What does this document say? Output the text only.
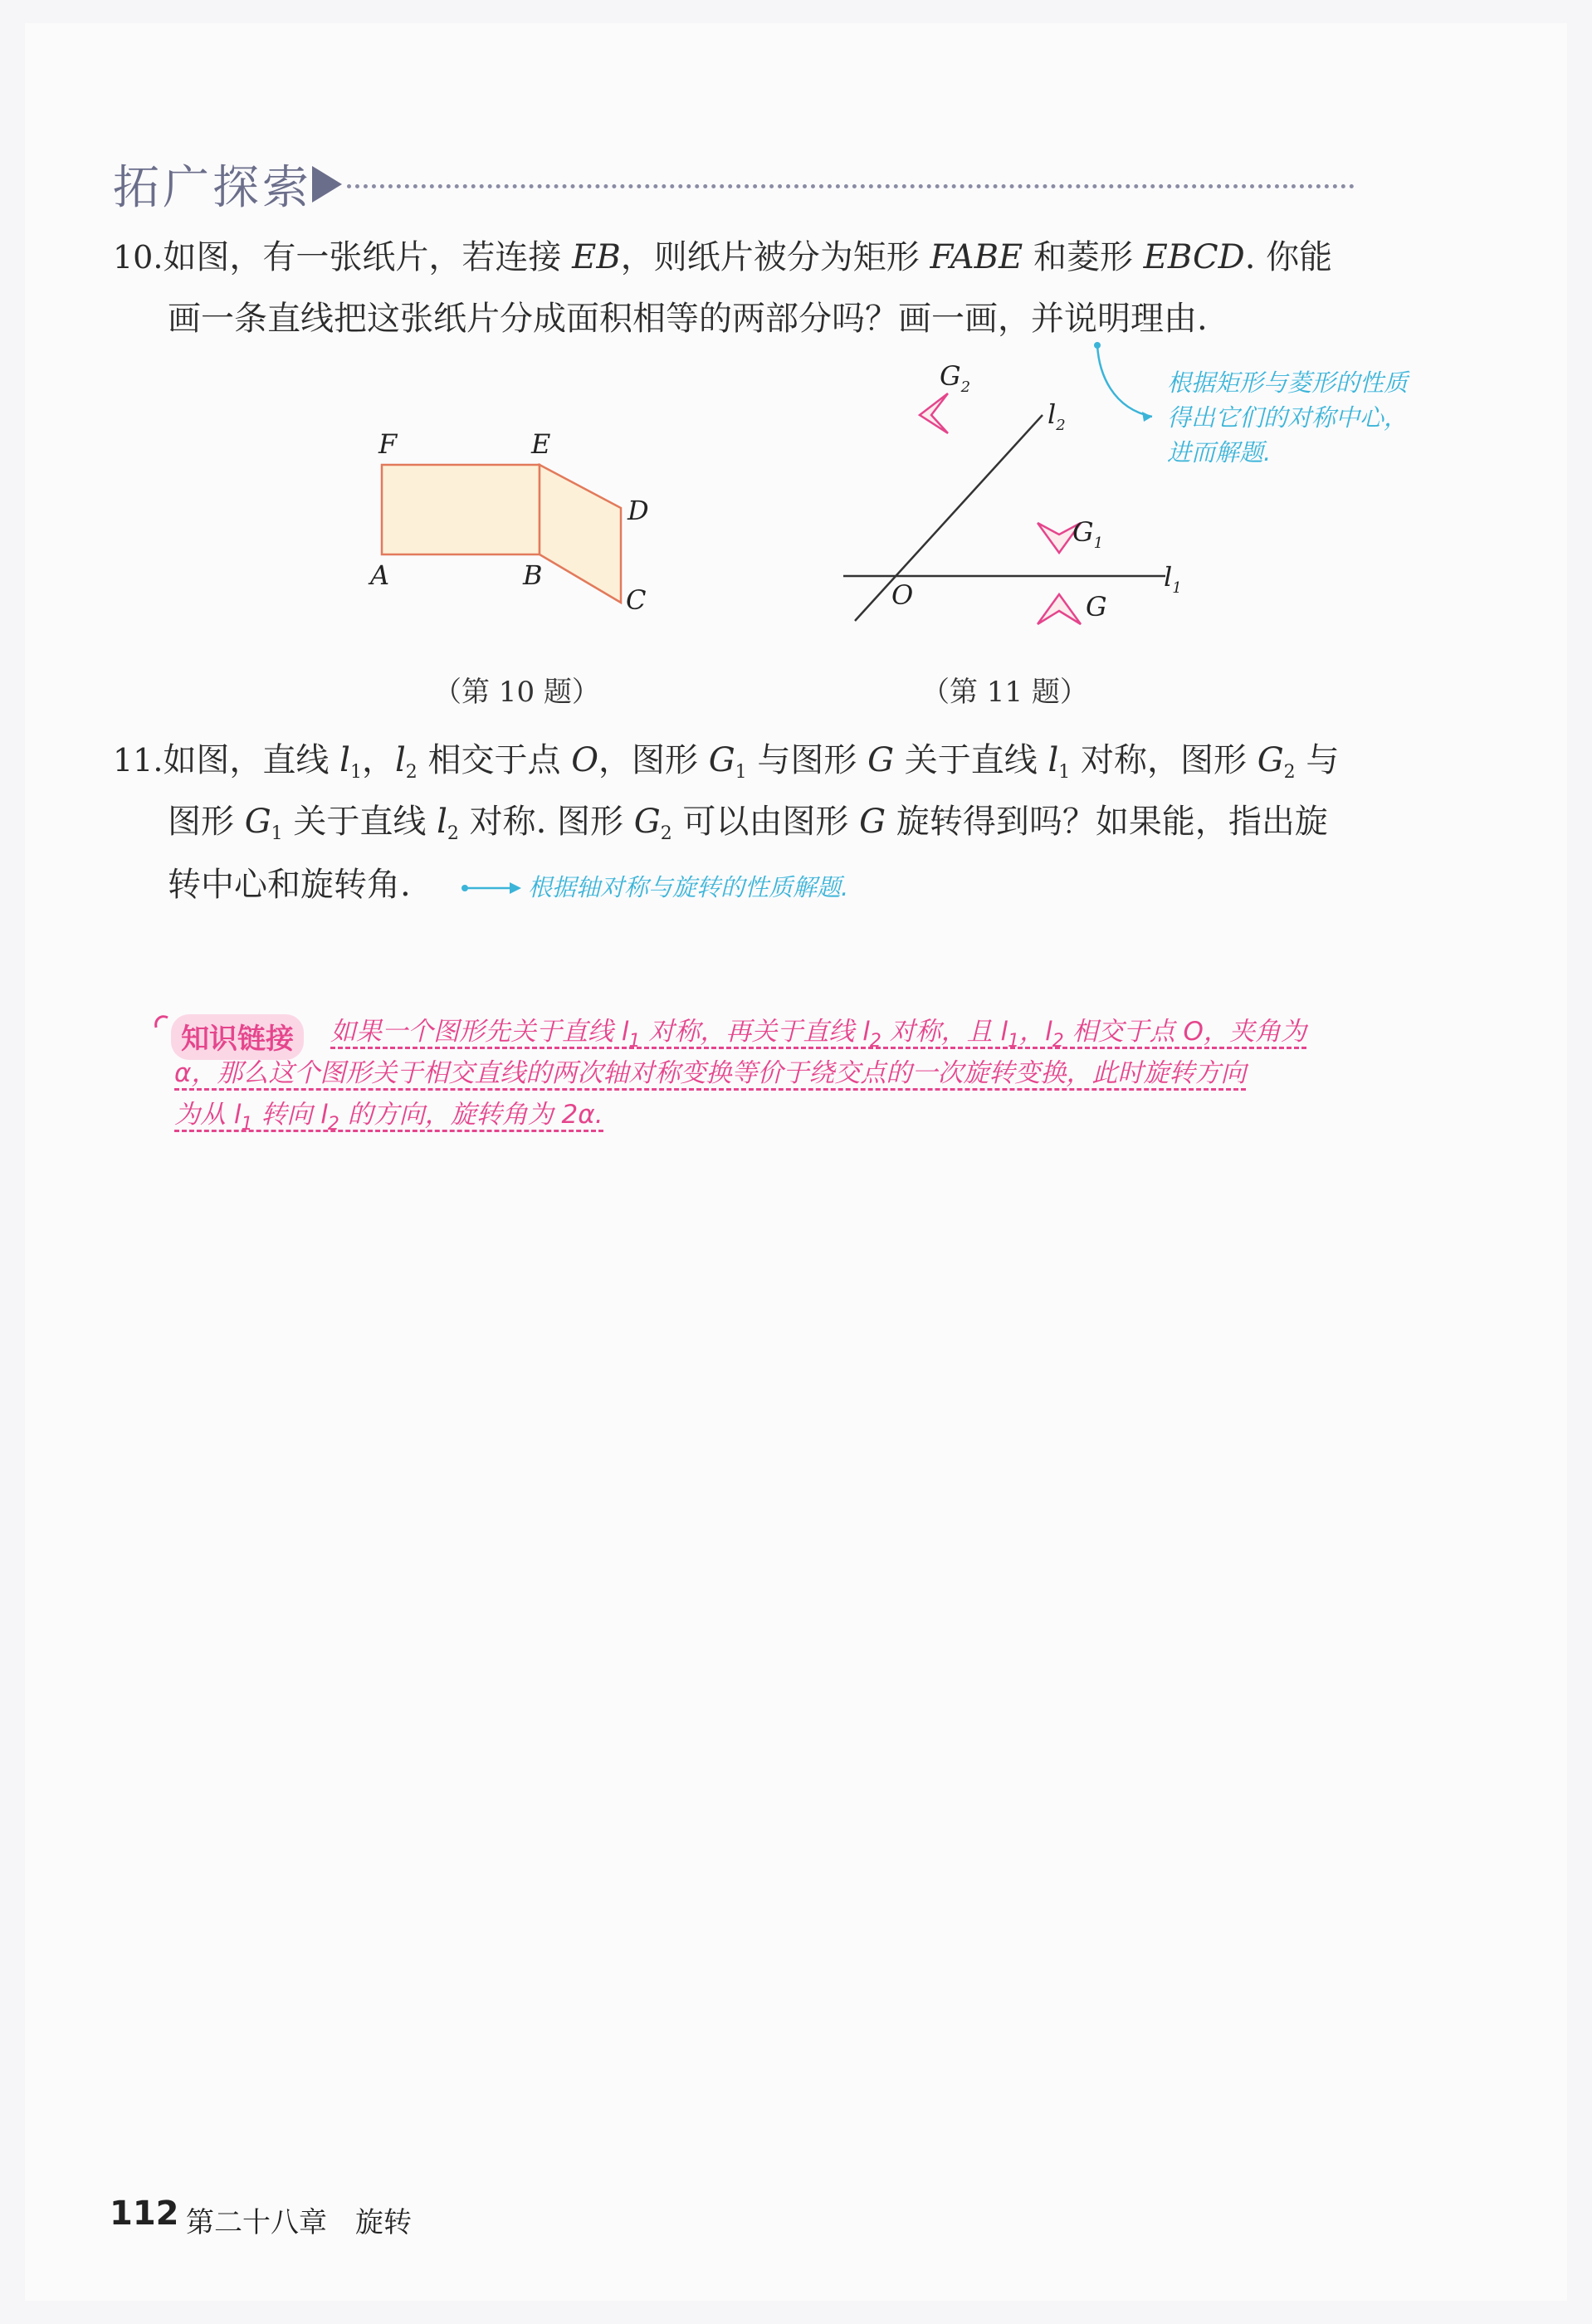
拓广探索
10.如图，有一张纸片，若连接 EB，则纸片被分为矩形 FABE 和菱形 EBCD. 你能
画一条直线把这张纸片分成面积相等的两部分吗？画一画，并说明理由.
F	E
D
A	B
C
（第 10 题）
$G_2$
$l_2$
$G_1$
$l_1$
O	G
（第 11 题）
根据矩形与菱形的性质
得出它们的对称中心，
进而解题.
11.如图，直线 $l_1$，$l_2$ 相交于点 O，图形 $G_1$ 与图形 G 关于直线 $l_1$ 对称，图形 $G_2$ 与
图形 $G_1$ 关于直线 $l_2$ 对称. 图形 $G_2$ 可以由图形 G 旋转得到吗？如果能，指出旋
转中心和旋转角.	根据轴对称与旋转的性质解题.
知识链接	如果一个图形先关于直线 $l_1$ 对称，再关于直线 $l_2$ 对称，且 $l_1$，$l_2$ 相交于点 O，夹角为
α，那么这个图形关于相交直线的两次轴对称变换等价于绕交点的一次旋转变换，此时旋转方向
为从 $l_1$ 转向 $l_2$ 的方向，旋转角为 2α.
112 第二十八章　旋转
